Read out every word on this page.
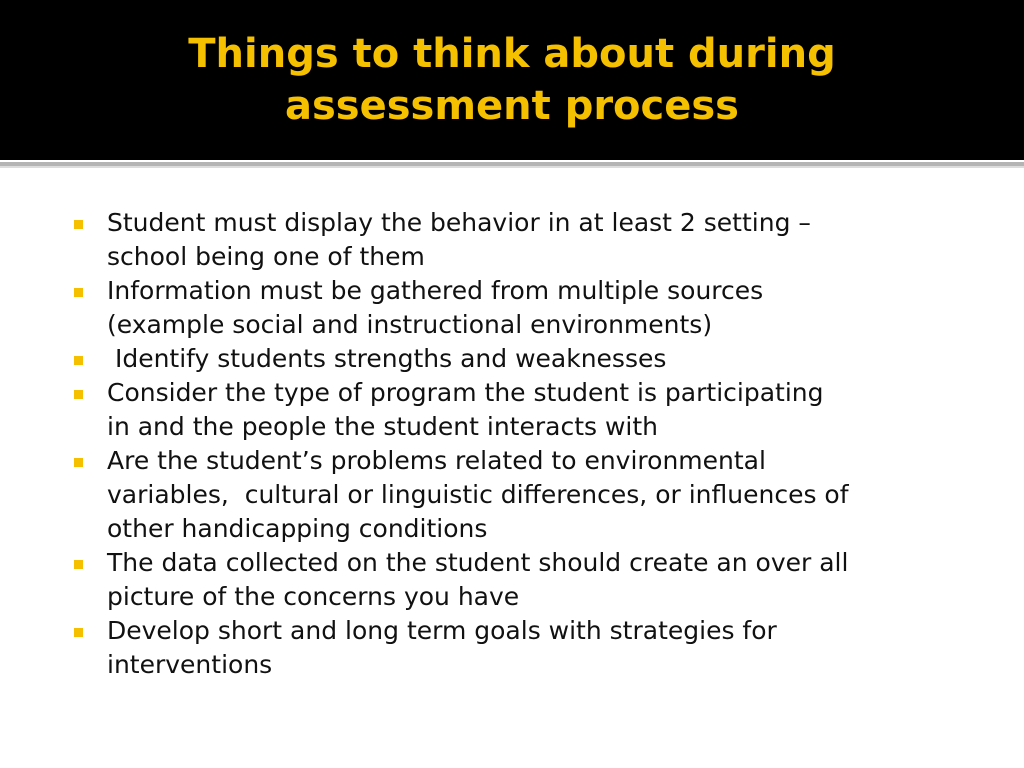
Things to think about during
assessment process
Student must display the behavior in at least 2 setting –
school being one of them
Information must be gathered from multiple sources
(example social and instructional environments)
Identify students strengths and weaknesses
Consider the type of program the student is participating
in and the people the student interacts with
Are the student’s problems related to environmental
variables,  cultural or linguistic differences, or influences of
other handicapping conditions
The data collected on the student should create an over all
picture of the concerns you have
Develop short and long term goals with strategies for
interventions
